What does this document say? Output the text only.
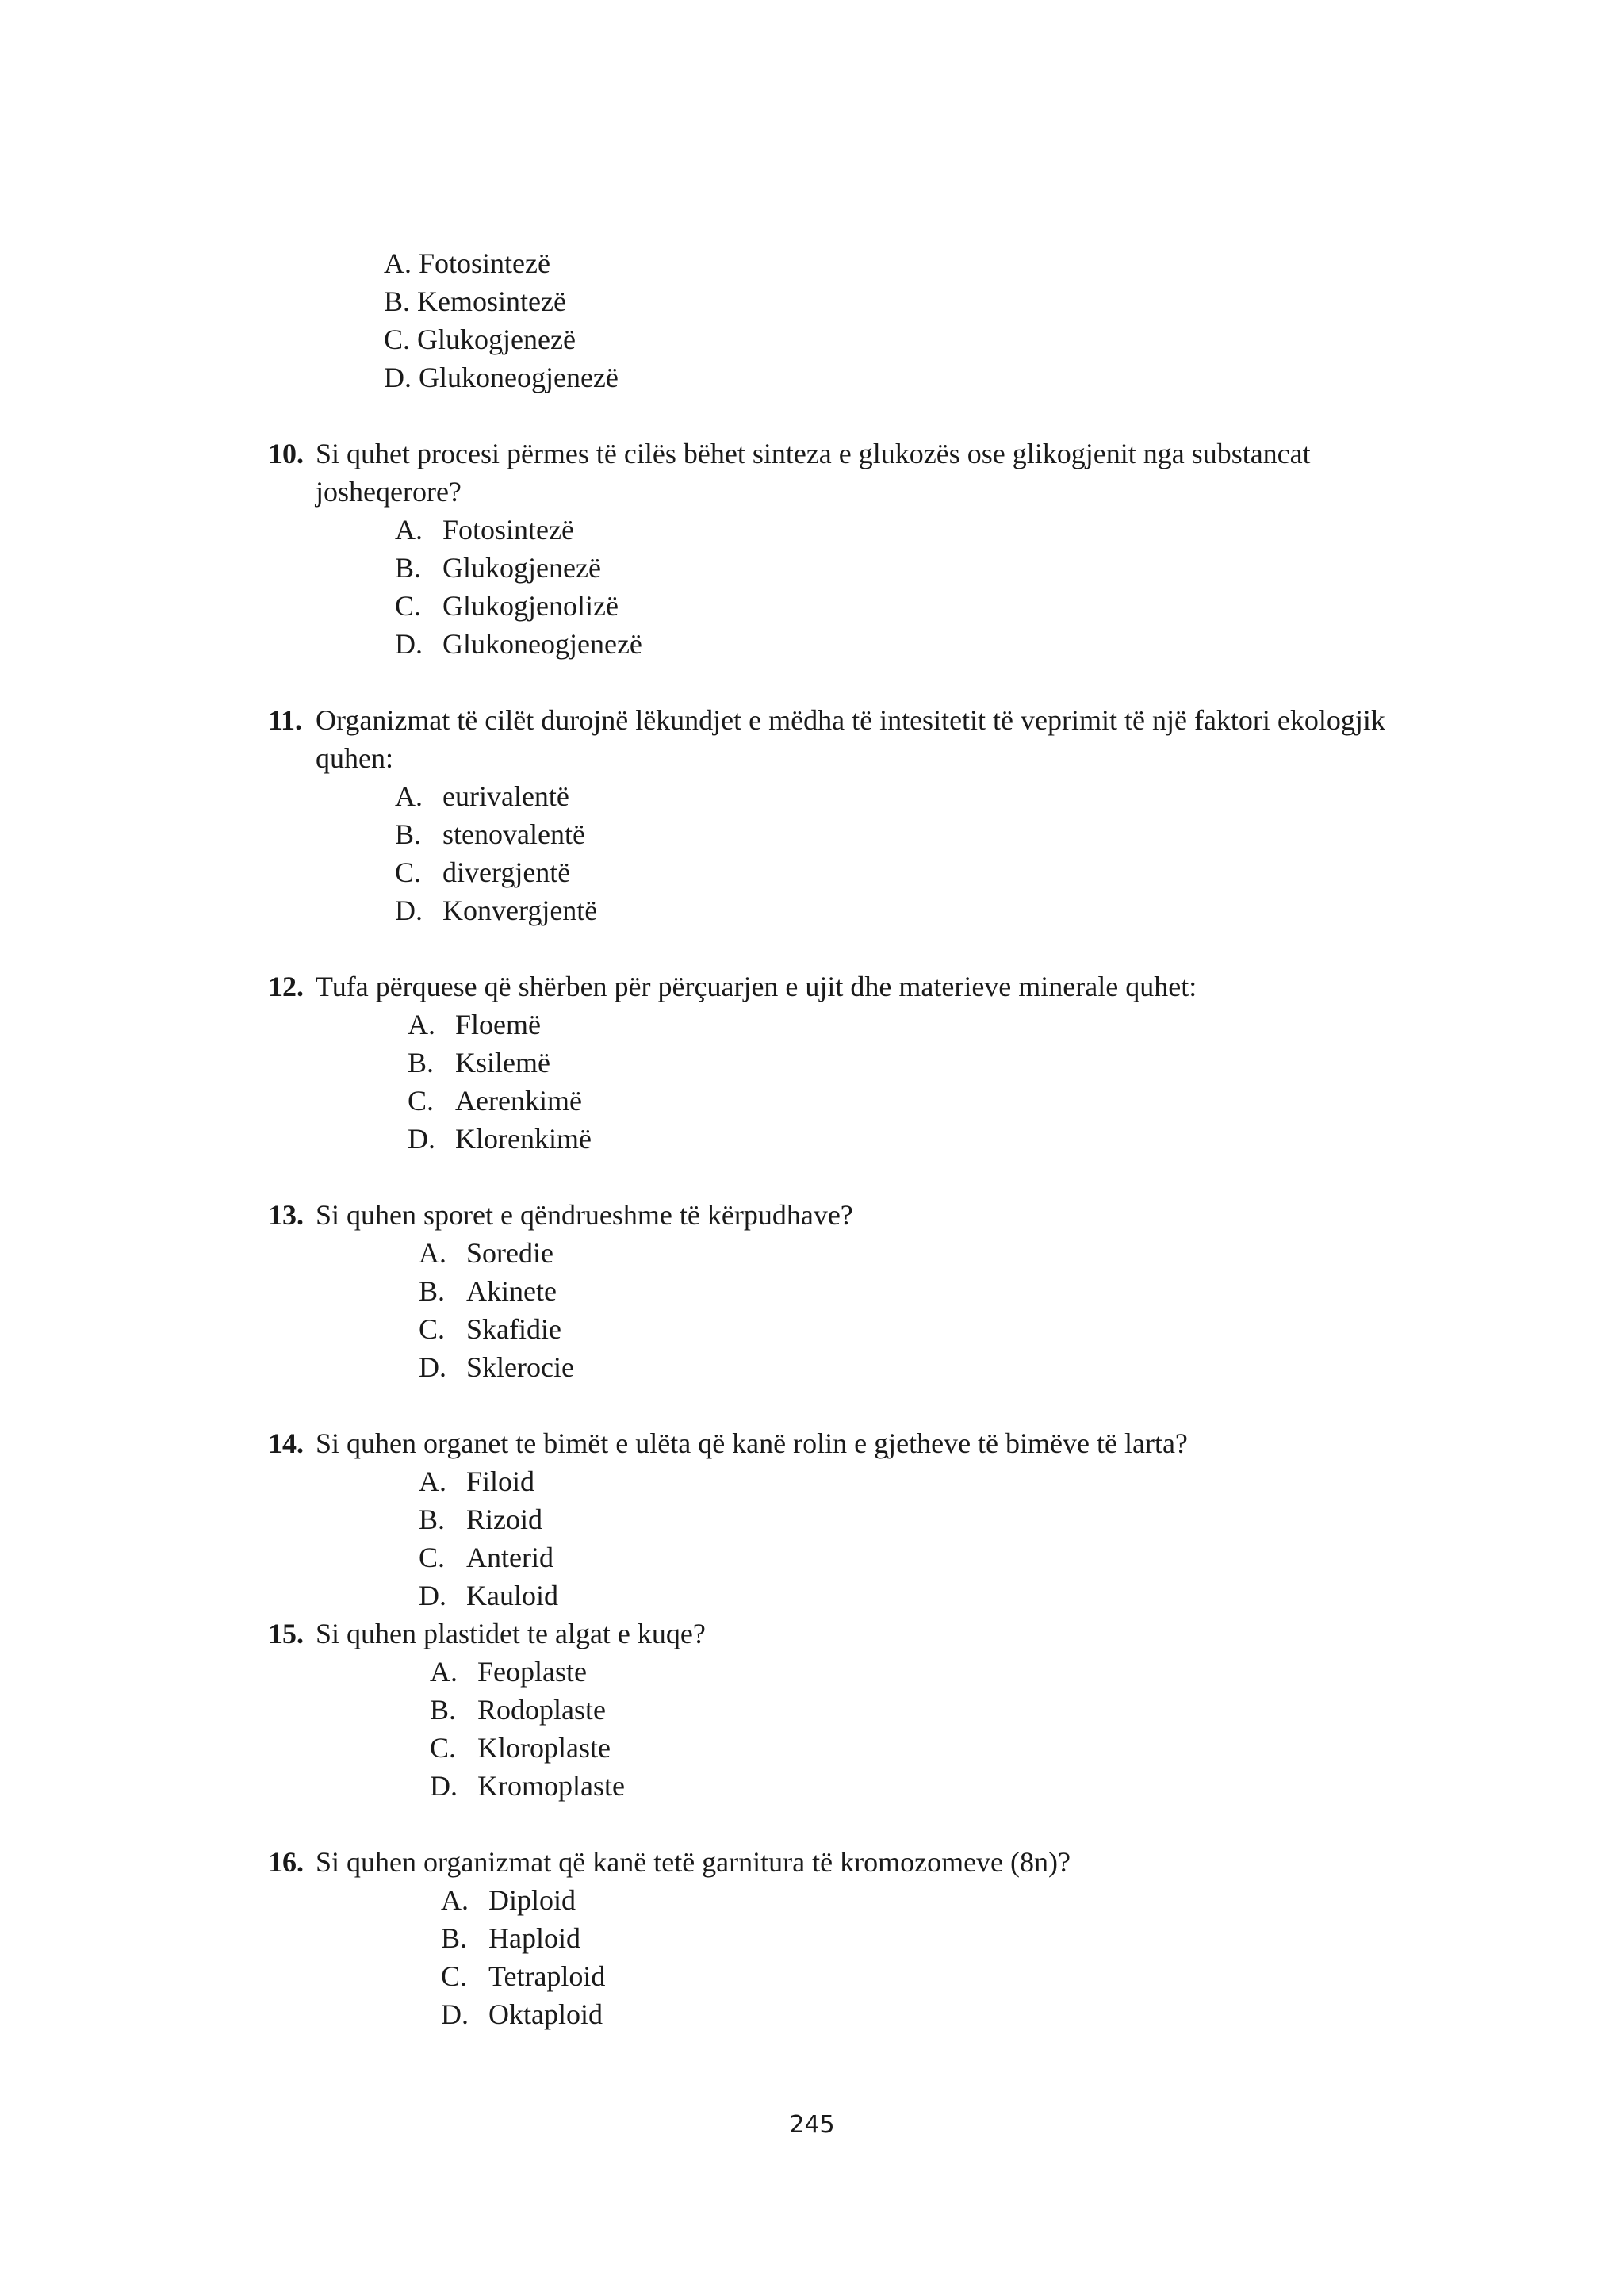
A. Fotosintezë
B. Kemosintezë
C. Glukogjenezë
D. Glukoneogjenezë
10. Si quhet procesi përmes të cilës bëhet sinteza e glukozës ose glikogjenit nga substancat
josheqerore?
A. Fotosintezë
B. Glukogjenezë
C. Glukogjenolizë
D. Glukoneogjenezë
11. Organizmat të cilët durojnë lëkundjet e mëdha të intesitetit të veprimit të një faktori ekologjik
quhen:
A. eurivalentë
B. stenovalentë
C. divergjentë
D. Konvergjentë
12. Tufa përquese që shërben për përçuarjen e ujit dhe materieve minerale quhet:
A. Floemë
B. Ksilemë
C. Aerenkimë
D. Klorenkimë
13. Si quhen sporet e qëndrueshme të kërpudhave?
A. Soredie
B. Akinete
C. Skafidie
D. Sklerocie
14. Si quhen organet te bimët e ulëta që kanë rolin e gjetheve të bimëve të larta?
A. Filoid
B. Rizoid
C. Anterid
D. Kauloid
15. Si quhen plastidet te algat e kuqe?
A. Feoplaste
B. Rodoplaste
C. Kloroplaste
D. Kromoplaste
16. Si quhen organizmat që kanë tetë garnitura të kromozomeve (8n)?
A. Diploid
B. Haploid
C. Tetraploid
D. Oktaploid
245
